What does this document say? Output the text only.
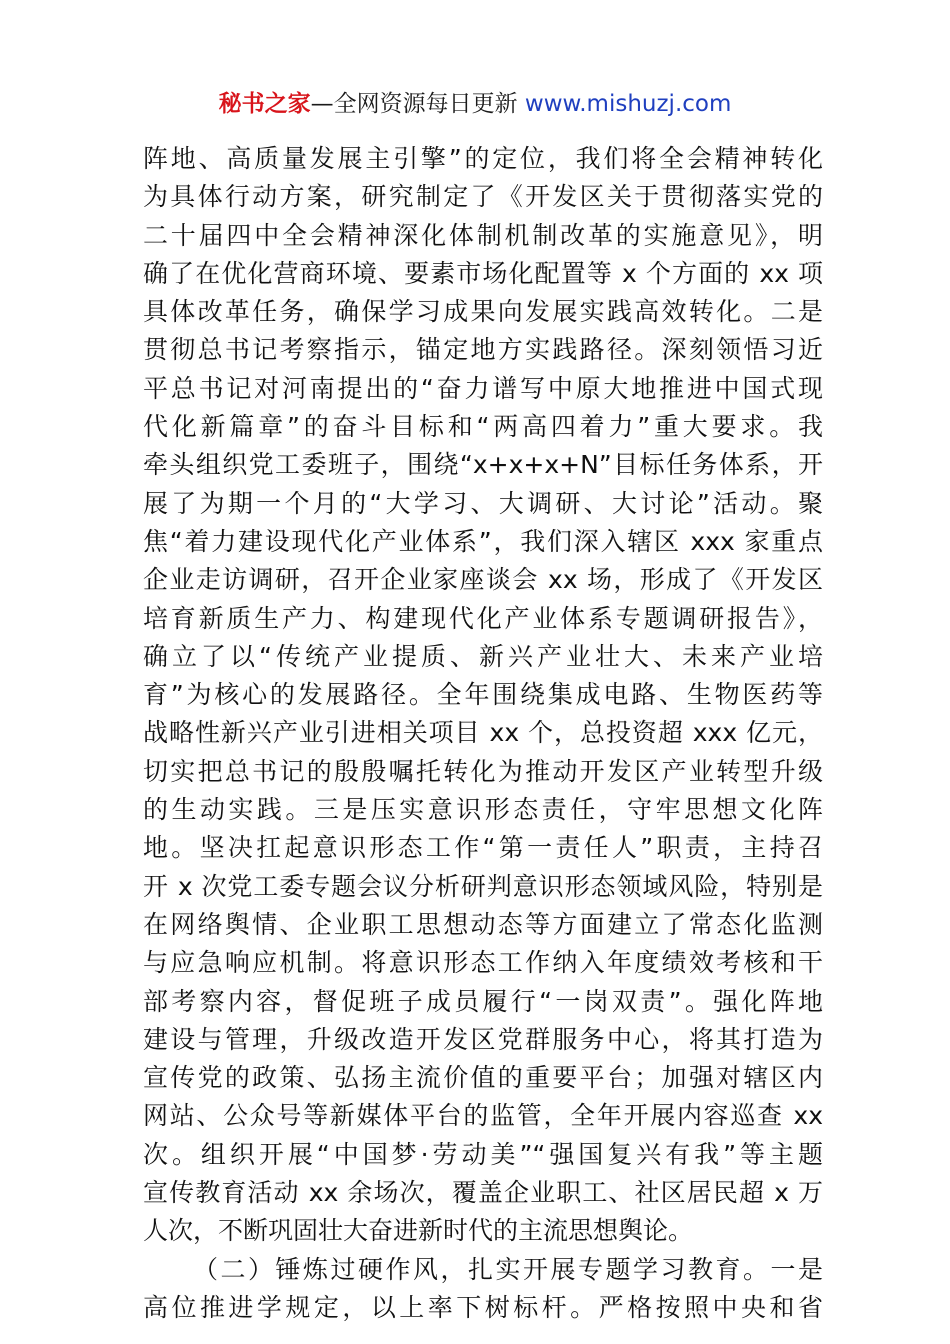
秘书之家—全网资源每日更新 www.mishuzj.com
阵地、高质量发展主引擎”的定位，我们将全会精神转化
为具体行动方案，研究制定了《开发区关于贯彻落实党的
二十届四中全会精神深化体制机制改革的实施意见》，明
确了在优化营商环境、要素市场化配置等 x 个方面的 xx 项
具体改革任务，确保学习成果向发展实践高效转化。二是
贯彻总书记考察指示，锚定地方实践路径。深刻领悟习近
平总书记对河南提出的“奋力谱写中原大地推进中国式现
代化新篇章”的奋斗目标和“两高四着力”重大要求。我
牵头组织党工委班子，围绕“x+x+x+N”目标任务体系，开
展了为期一个月的“大学习、大调研、大讨论”活动。聚
焦“着力建设现代化产业体系”，我们深入辖区 xxx 家重点
企业走访调研，召开企业家座谈会 xx 场，形成了《开发区
培育新质生产力、构建现代化产业体系专题调研报告》，
确立了以“传统产业提质、新兴产业壮大、未来产业培
育”为核心的发展路径。全年围绕集成电路、生物医药等
战略性新兴产业引进相关项目 xx 个，总投资超 xxx 亿元，
切实把总书记的殷殷嘱托转化为推动开发区产业转型升级
的生动实践。三是压实意识形态责任，守牢思想文化阵
地。坚决扛起意识形态工作“第一责任人”职责，主持召
开 x 次党工委专题会议分析研判意识形态领域风险，特别是
在网络舆情、企业职工思想动态等方面建立了常态化监测
与应急响应机制。将意识形态工作纳入年度绩效考核和干
部考察内容，督促班子成员履行“一岗双责”。强化阵地
建设与管理，升级改造开发区党群服务中心，将其打造为
宣传党的政策、弘扬主流价值的重要平台；加强对辖区内
网站、公众号等新媒体平台的监管，全年开展内容巡查 xx
次。组织开展“中国梦·劳动美”“强国复兴有我”等主题
宣传教育活动 xx 余场次，覆盖企业职工、社区居民超 x 万
人次，不断巩固壮大奋进新时代的主流思想舆论。
（二）锤炼过硬作风，扎实开展专题学习教育。一是
高位推进学规定，以上率下树标杆。严格按照中央和省
